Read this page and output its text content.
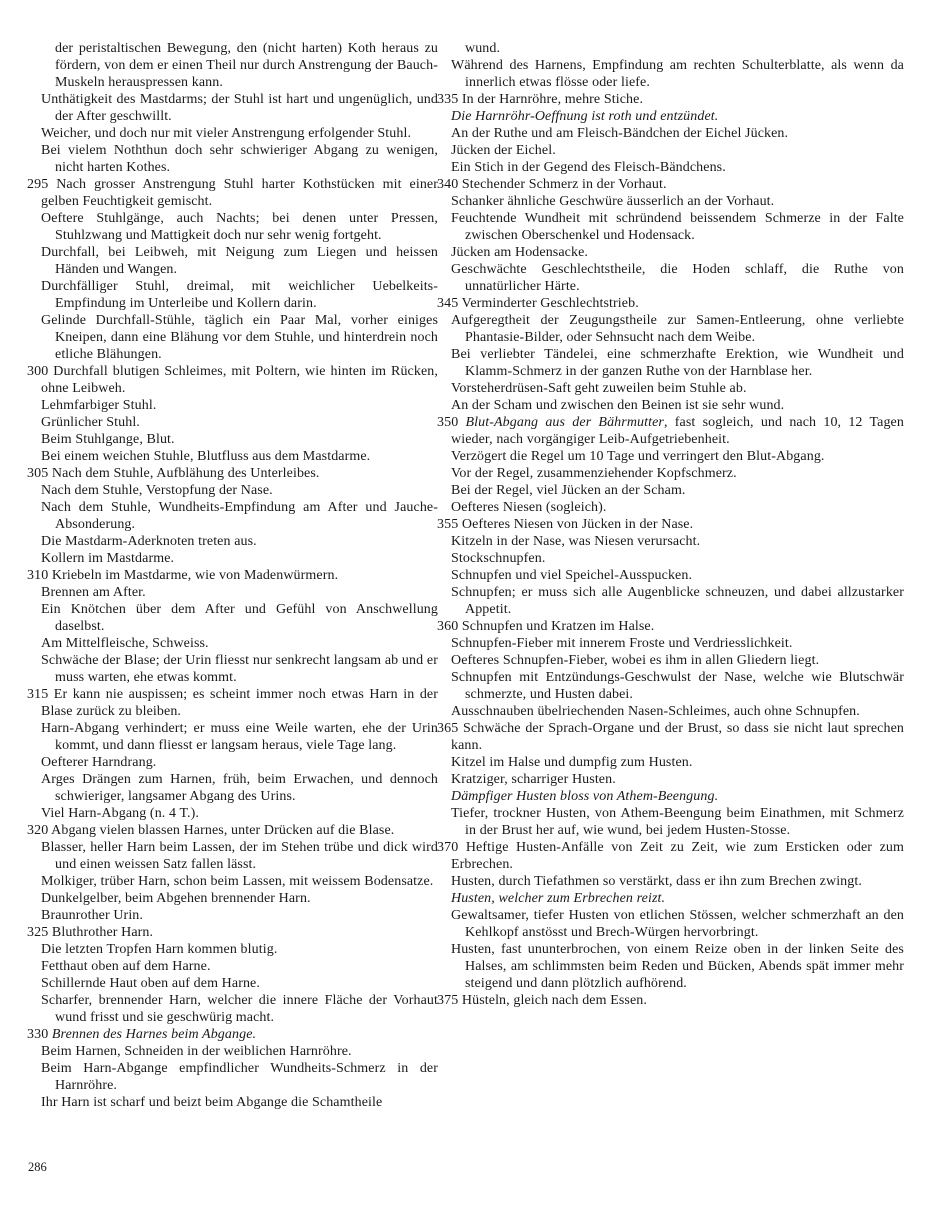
der peristaltischen Bewegung, den (nicht harten) Koth heraus zu fördern, von dem er einen Theil nur durch Anstrengung der Bauch-Muskeln herauspressen kann.

Unthätigkeit des Mastdarms; der Stuhl ist hart und ungenüglich, und der After geschwillt.

Weicher, und doch nur mit vieler Anstrengung erfolgender Stuhl.

Bei vielem Noththun doch sehr schwieriger Abgang zu wenigen, nicht harten Kothes.

295 Nach grosser Anstrengung Stuhl harter Kothstücken mit einer gelben Feuchtigkeit gemischt.

Oeftere Stuhlgänge, auch Nachts; bei denen unter Pressen, Stuhlzwang und Mattigkeit doch nur sehr wenig fortgeht.

Durchfall, bei Leibweh, mit Neigung zum Liegen und heissen Händen und Wangen.

Durchfälliger Stuhl, dreimal, mit weichlicher Uebelkeits-Empfindung im Unterleibe und Kollern darin.

Gelinde Durchfall-Stühle, täglich ein Paar Mal, vorher einiges Kneipen, dann eine Blähung vor dem Stuhle, und hinterdrein noch etliche Blähungen.

300 Durchfall blutigen Schleimes, mit Poltern, wie hinten im Rücken, ohne Leibweh.

Lehmfarbiger Stuhl.

Grünlicher Stuhl.

Beim Stuhlgange, Blut.

Bei einem weichen Stuhle, Blutfluss aus dem Mastdarme.

305 Nach dem Stuhle, Aufblähung des Unterleibes.

Nach dem Stuhle, Verstopfung der Nase.

Nach dem Stuhle, Wundheits-Empfindung am After und Jauche-Absonderung.

Die Mastdarm-Aderknoten treten aus.

Kollern im Mastdarme.

310 Kriebeln im Mastdarme, wie von Madenwürmern.

Brennen am After.

Ein Knötchen über dem After und Gefühl von Anschwellung daselbst.

Am Mittelfleische, Schweiss.

Schwäche der Blase; der Urin fliesst nur senkrecht langsam ab und er muss warten, ehe etwas kommt.

315 Er kann nie auspissen; es scheint immer noch etwas Harn in der Blase zurück zu bleiben.

Harn-Abgang verhindert; er muss eine Weile warten, ehe der Urin kommt, und dann fliesst er langsam heraus, viele Tage lang.

Oefterer Harndrang.

Arges Drängen zum Harnen, früh, beim Erwachen, und dennoch schwieriger, langsamer Abgang des Urins.

Viel Harn-Abgang (n. 4 T.).

320 Abgang vielen blassen Harnes, unter Drücken auf die Blase.

Blasser, heller Harn beim Lassen, der im Stehen trübe und dick wird und einen weissen Satz fallen lässt.

Molkiger, trüber Harn, schon beim Lassen, mit weissem Bodensatze.

Dunkelgelber, beim Abgehen brennender Harn.

Braunrother Urin.

325 Bluthrother Harn.

Die letzten Tropfen Harn kommen blutig.

Fetthaut oben auf dem Harne.

Schillernde Haut oben auf dem Harne.

Scharfer, brennender Harn, welcher die innere Fläche der Vorhaut wund frisst und sie geschwürig macht.

330 Brennen des Harnes beim Abgange.

Beim Harnen, Schneiden in der weiblichen Harnröhre.

Beim Harn-Abgange empfindlicher Wundheits-Schmerz in der Harnröhre.

Ihr Harn ist scharf und beizt beim Abgange die Schamtheile

wund.

Während des Harnens, Empfindung am rechten Schulterblatte, als wenn da innerlich etwas flösse oder liefe.

335 In der Harnröhre, mehre Stiche.

Die Harnröhr-Oeffnung ist roth und entzündet.

An der Ruthe und am Fleisch-Bändchen der Eichel Jücken.

Jücken der Eichel.

Ein Stich in der Gegend des Fleisch-Bändchens.

340 Stechender Schmerz in der Vorhaut.

Schanker ähnliche Geschwüre äusserlich an der Vorhaut.

Feuchtende Wundheit mit schründend beissendem Schmerze in der Falte zwischen Oberschenkel und Hodensack.

Jücken am Hodensacke.

Geschwächte Geschlechtstheile, die Hoden schlaff, die Ruthe von unnatürlicher Härte.

345 Verminderter Geschlechtstrieb.

Aufgeregtheit der Zeugungstheile zur Samen-Entleerung, ohne verliebte Phantasie-Bilder, oder Sehnsucht nach dem Weibe.

Bei verliebter Tändelei, eine schmerzhafte Erektion, wie Wundheit und Klamm-Schmerz in der ganzen Ruthe von der Harnblase her.

Vorsteherdrüsen-Saft geht zuweilen beim Stuhle ab.

An der Scham und zwischen den Beinen ist sie sehr wund.

350 Blut-Abgang aus der Bährmutter, fast sogleich, und nach 10, 12 Tagen wieder, nach vorgängiger Leib-Aufgetriebenheit.

Verzögert die Regel um 10 Tage und verringert den Blut-Abgang.

Vor der Regel, zusammenziehender Kopfschmerz.

Bei der Regel, viel Jücken an der Scham.

Oefteres Niesen (sogleich).

355 Oefteres Niesen von Jücken in der Nase.

Kitzeln in der Nase, was Niesen verursacht.

Stockschnupfen.

Schnupfen und viel Speichel-Ausspucken.

Schnupfen; er muss sich alle Augenblicke schneuzen, und dabei allzustarker Appetit.

360 Schnupfen und Kratzen im Halse.

Schnupfen-Fieber mit innerem Froste und Verdriesslichkeit.

Oefteres Schnupfen-Fieber, wobei es ihm in allen Gliedern liegt.

Schnupfen mit Entzündungs-Geschwulst der Nase, welche wie Blutschwär schmerzte, und Husten dabei.

Ausschnauben übelriechenden Nasen-Schleimes, auch ohne Schnupfen.

365 Schwäche der Sprach-Organe und der Brust, so dass sie nicht laut sprechen kann.

Kitzel im Halse und dumpfig zum Husten.

Kratziger, scharriger Husten.

Dämpfiger Husten bloss von Athem-Beengung.

Tiefer, trockner Husten, von Athem-Beengung beim Einathmen, mit Schmerz in der Brust her auf, wie wund, bei jedem Husten-Stosse.

370 Heftige Husten-Anfälle von Zeit zu Zeit, wie zum Ersticken oder zum Erbrechen.

Husten, durch Tiefathmen so verstärkt, dass er ihn zum Brechen zwingt.

Husten, welcher zum Erbrechen reizt.

Gewaltsamer, tiefer Husten von etlichen Stössen, welcher schmerzhaft an den Kehlkopf anstösst und Brech-Würgen hervorbringt.

Husten, fast ununterbrochen, von einem Reize oben in der linken Seite des Halses, am schlimmsten beim Reden und Bücken, Abends spät immer mehr steigend und dann plötzlich aufhörend.

375 Hüsteln, gleich nach dem Essen.

286
